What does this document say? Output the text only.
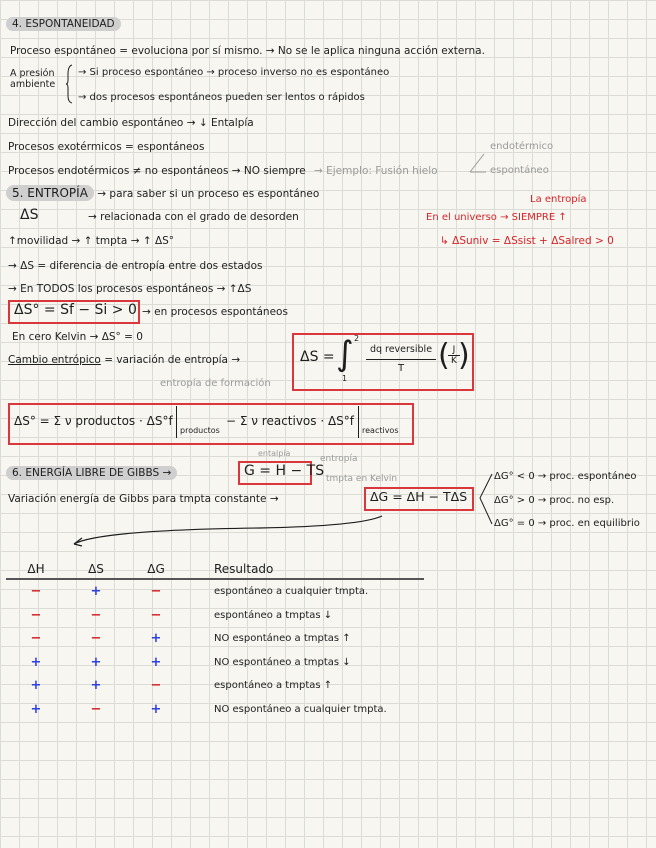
4. ESPONTANEIDAD
Proceso espontáneo = evoluciona por sí mismo. → No se le aplica ninguna acción externa.
A presión
ambiente
→ Si proceso espontáneo → proceso inverso no es espontáneo
→ dos procesos espontáneos pueden ser lentos o rápidos
Dirección del cambio espontáneo → ↓ Entalpía
Procesos exotérmicos = espontáneos
Procesos endotérmicos ≠ no espontáneos → NO siempre → Ejemplo: Fusión hielo
endotérmico
espontáneo
5. ENTROPÍA → para saber si un proceso es espontáneo
ΔS	→ relacionada con el grado de desorden
↑movilidad → ↑ tmpta → ↑ ΔS°
→ ΔS = diferencia de entropía entre dos estados
→ En TODOS los procesos espontáneos → ↑ΔS
ΔS° = Sf − Si > 0 → en procesos espontáneos
En cero Kelvin → ΔS° = 0
Cambio entrópico = variación de entropía →	ΔS = ∫ 2
1
dq reversible
T	( J
K )
La entropía
En el universo → SIEMPRE ↑
↳ ΔSuniv = ΔSsist + ΔSalred > 0
entropía de formación
ΔS° = Σ ν productos · ΔS°f
productos
− Σ ν reactivos · ΔS°f
reactivos
6. ENERGÍA LIBRE DE GIBBS →	G = H − TS
entalpía
entropía
tmpta en Kelvin
Variación energía de Gibbs para tmpta constante →	ΔG = ΔH − TΔS
ΔG° < 0 → proc. espontáneo
ΔG° > 0 → proc. no esp.
ΔG° = 0 → proc. en equilibrio
ΔH	ΔS	ΔG	Resultado
−	+	−	espontáneo a cualquier tmpta.
−	−	−	espontáneo a tmptas ↓
−	−	+	NO espontáneo a tmptas ↑
+	+	+	NO espontáneo a tmptas ↓
+	+	−	espontáneo a tmptas ↑
+	−	+	NO espontáneo a cualquier tmpta.
